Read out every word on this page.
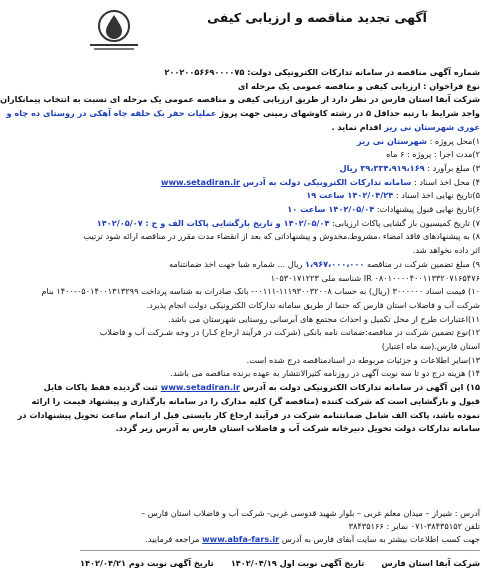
آگهی تجدید مناقصه و ارزیابی کیفی
شماره آگهی مناقصه در سامانه تدارکات الکترونیکی دولت: ۲۰۰۲۰۰۵۶۶۹۰۰۰۰۷۵
نوع فراخوان : ارزیابی کیفی و مناقصه عمومی یک مرحله ای
شرکت آبفا استان فارس در نظر دارد از طریق ارزیابی کیفی و مناقصه عمومی یک مرحله ای نسبت به انتخاب پیمانکاران
واجد شرایط با رتبه حداقل ۵ در رشته کاوشهای زمینی جهت پروژ عملیات حفر یک حلقه چاه آهکی در روستای ده چاه و
غوری شهرستان نی ریز اقدام نماید .
۱)محل پروژه : شهرستان نی ریز
۲)مدت اجرا : پروژه : ۶ ماه
۳) مبلغ برآورد : ۳۹،۳۳۴،۹۱۹،۱۶۹ ریال
۴) محل اخذ اسناد : سامانه تدارکات الکترونیکی دولت به آدرس www.setadiran.ir
۵)تاریخ نهایی اخذ اسناد : ۱۴۰۲/۰۴/۲۴ ساعت ۱۹
۶)تاریخ نهایی قبول پیشنهادات: ۱۴۰۲/۰۵/۰۴ ساعت ۱۰
۷) تاریخ کمیسیون باز گشایی پاکات ارزیابی: ۱۴۰۲/۰۵/۰۴ و تاریخ بازگشایی پاکات الف و ج : ۱۴۰۲/۰۵/۰۷
۸) به پیشنهادهای فاقد امضاء ،مشروط،مخدوش و پیشنهاداتی که بعد از انقضاء مدت مقرر در مناقصه ارائه شود ترتیب
اثر داده نخواهد شد.
۹) مبلغ تضمین شرکت در مناقصه ۱،۹۶۷،۰۰۰،۰۰۰ ریال ... شماره شبا جهت اخذ ضمانتنامه
IR ۰۸۰۱۰۰۰۰۴۰۰۱۱۳۳۲۰۷۱۶۵۴۷۶ شناسه ملی ۱۰۵۳۰۱۷۱۲۲۳
۱۰) قیمت اسناد ۳۰۰۰۰۰۰ (ریال) به حساب ۱۱۱۹۳۰۰۳۲۰۰۸-۰۰۱۱۱- بانک صادرات به شناسه پرداخت ۰۵۰۱۴۰۰۱۳۱۳۲۹۹-۱۴۰۰ بنام
شرکت آب و فاضلاب استان فارس که حتما از طریق سامانه تدارکات الکترونیکی دولت انجام پذیرد.
۱۱)اعتبارات طرح از محل تکمیل و احداث مجتمع های آبرسانی روستایی شهرستان می باشد.
۱۲)نوع تضمین شرکت در مناقصه:ضمانت نامه بانکی (شرکت در فرآیند ارجاع کـار) در وجه شـرکت آب و فاضلاب
استان فارس.(سه ماه اعتبار)
۱۳)سایر اطلاعات و جزئیات مربوطه در اسنادمناقصه درج شده است.
۱۴) هزینه درج دو تا سه نوبت آگهی در روزنامه کثیرالانتشار به عهده برنده مناقصه می باشد.
۱۵) این آگهی در سامانه تدارکات الکترونیکی دولت به آدرس www.setadiran.ir ثبت گردیده فقط پاکات فایل
قبول و بازگشایی است که شرکت کننده (مناقصه گر) کلیه مدارک را در سامانه بارگذاری و پیشنهاد قیمت را ارائه
نموده باشد، پاکت الف شامل ضمانتنامه شرکت در فرآیند ارجاع کار بایستی قبل از اتمام ساعت تحویل پیشنهادات در
سامانه تدارکات دولت تحویل دبیرخانه شرکت آب و فاضلاب استان فارس به آدرس زیر گردد.
آدرس : شیراز – میدان معلم غربی – بلوار شهید قدوسی غربی- شرکت آب و فاضلاب استان فارس –
تلفن ۳۸۴۳۵۱۵۲-۰۷۱ نمابر : ۳۸۴۳۵۱۶۶
جهت کسب اطلاعات بیشتر به سایت آبفای فارس به آدرس www.abfa-fars.ir مراجعه فرمایید.
شرکت آبفا استان فارس
تاریخ آگهی نوبت اول ۱۴۰۲/۰۴/۱۹
تاریخ آگهی نوبت دوم ۱۴۰۲/۰۴/۲۱
